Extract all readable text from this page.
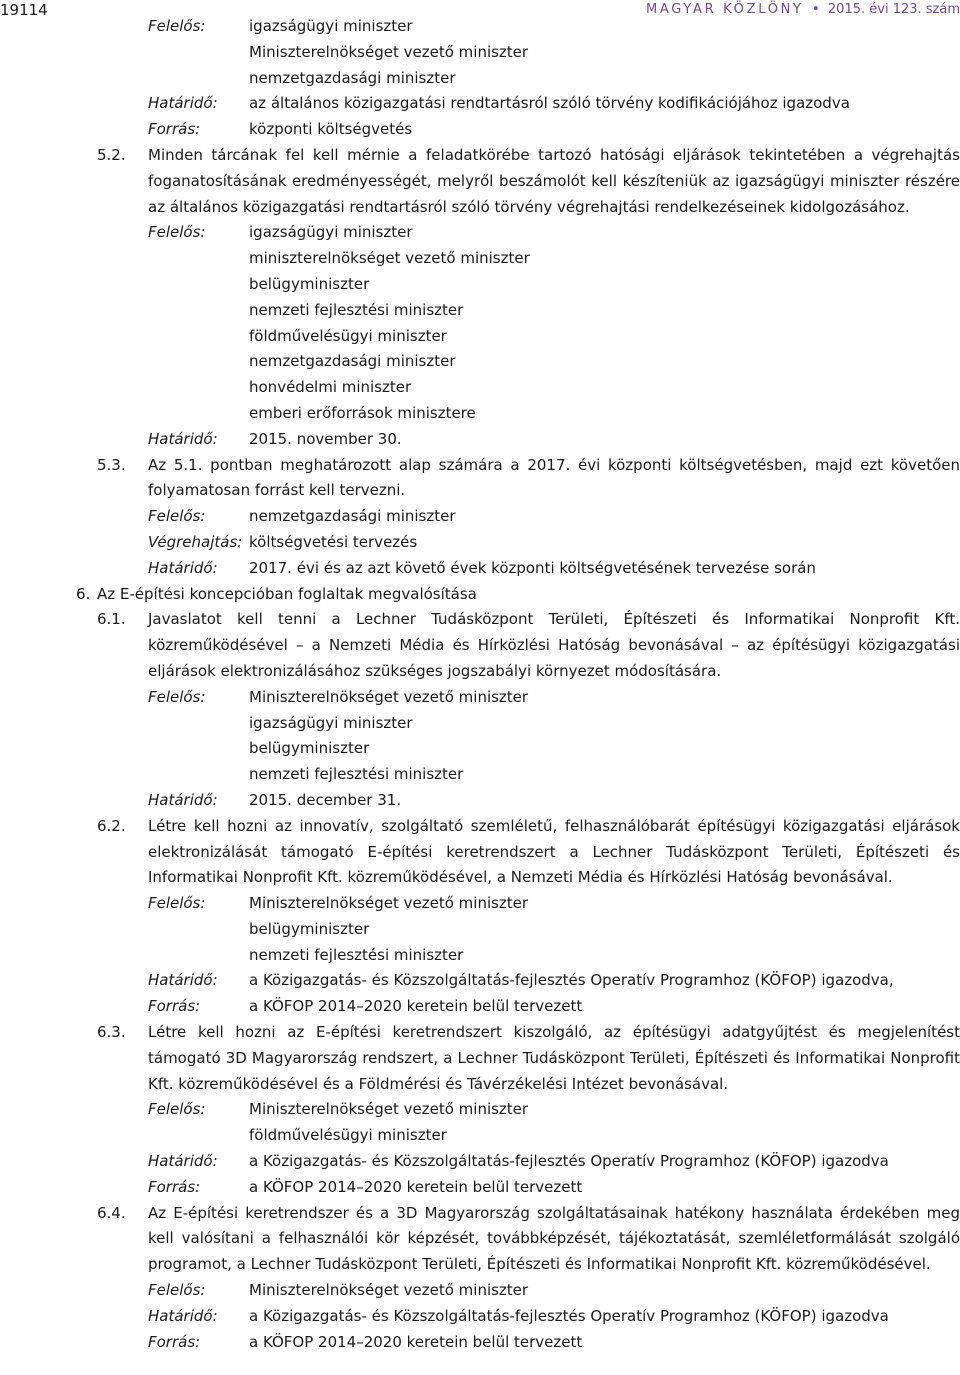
19114	MAGYAR KÖZLÖNY  •  2015. évi 123. szám
Felelős:	igazságügyi miniszter
Miniszterelnökséget vezető miniszter
nemzetgazdasági miniszter
Határidő: az általános közigazgatási rendtartásról szóló törvény kodifikációjához igazodva
Forrás:	központi költségvetés
5.2.	Minden tárcának fel kell mérnie a feladatkörébe tartozó hatósági eljárások tekintetében a végrehajtás foganatosításának eredményességét, melyről beszámolót kell készíteniük az igazságügyi miniszter részére az általános közigazgatási rendtartásról szóló törvény végrehajtási rendelkezéseinek kidolgozásához.
Felelős:	igazságügyi miniszter
miniszterelnökséget vezető miniszter
belügyminiszter
nemzeti fejlesztési miniszter
földművelésügyi miniszter
nemzetgazdasági miniszter
honvédelmi miniszter
emberi erőforrások minisztere
Határidő: 2015. november 30.
5.3.	Az 5.1. pontban meghatározott alap számára a 2017. évi központi költségvetésben, majd ezt követően folyamatosan forrást kell tervezni.
Felelős:	nemzetgazdasági miniszter
Végrehajtás: költségvetési tervezés
Határidő: 2017. évi és az azt követő évek központi költségvetésének tervezése során
6. Az E-építési koncepcióban foglaltak megvalósítása
6.1.	Javaslatot kell tenni a Lechner Tudásközpont Területi, Építészeti és Informatikai Nonprofit Kft. közreműködésével – a Nemzeti Média és Hírközlési Hatóság bevonásával – az építésügyi közigazgatási eljárások elektronizálásához szükséges jogszabályi környezet módosítására.
Felelős:	Miniszterelnökséget vezető miniszter
igazságügyi miniszter
belügyminiszter
nemzeti fejlesztési miniszter
Határidő: 2015. december 31.
6.2.	Létre kell hozni az innovatív, szolgáltató szemléletű, felhasználóbarát építésügyi közigazgatási eljárások elektronizálását támogató E-építési keretrendszert a Lechner Tudásközpont Területi, Építészeti és Informatikai Nonprofit Kft. közreműködésével, a Nemzeti Média és Hírközlési Hatóság bevonásával.
Felelős:	Miniszterelnökséget vezető miniszter
belügyminiszter
nemzeti fejlesztési miniszter
Határidő: a Közigazgatás- és Közszolgáltatás-fejlesztés Operatív Programhoz (KÖFOP) igazodva,
Forrás:	a KÖFOP 2014–2020 keretein belül tervezett
6.3.	Létre kell hozni az E-építési keretrendszert kiszolgáló, az építésügyi adatgyűjtést és megjelenítést támogató 3D Magyarország rendszert, a Lechner Tudásközpont Területi, Építészeti és Informatikai Nonprofit Kft. közreműködésével és a Földmérési és Távérzékelési Intézet bevonásával.
Felelős:	Miniszterelnökséget vezető miniszter
földművelésügyi miniszter
Határidő: a Közigazgatás- és Közszolgáltatás-fejlesztés Operatív Programhoz (KÖFOP) igazodva
Forrás:	a KÖFOP 2014–2020 keretein belül tervezett
6.4.	Az E-építési keretrendszer és a 3D Magyarország szolgáltatásainak hatékony használata érdekében meg kell valósítani a felhasználói kör képzését, továbbképzését, tájékoztatását, szemléletformálását szolgáló programot, a Lechner Tudásközpont Területi, Építészeti és Informatikai Nonprofit Kft. közreműködésével.
Felelős:	Miniszterelnökséget vezető miniszter
Határidő: a Közigazgatás- és Közszolgáltatás-fejlesztés Operatív Programhoz (KÖFOP) igazodva
Forrás:	a KÖFOP 2014–2020 keretein belül tervezett
